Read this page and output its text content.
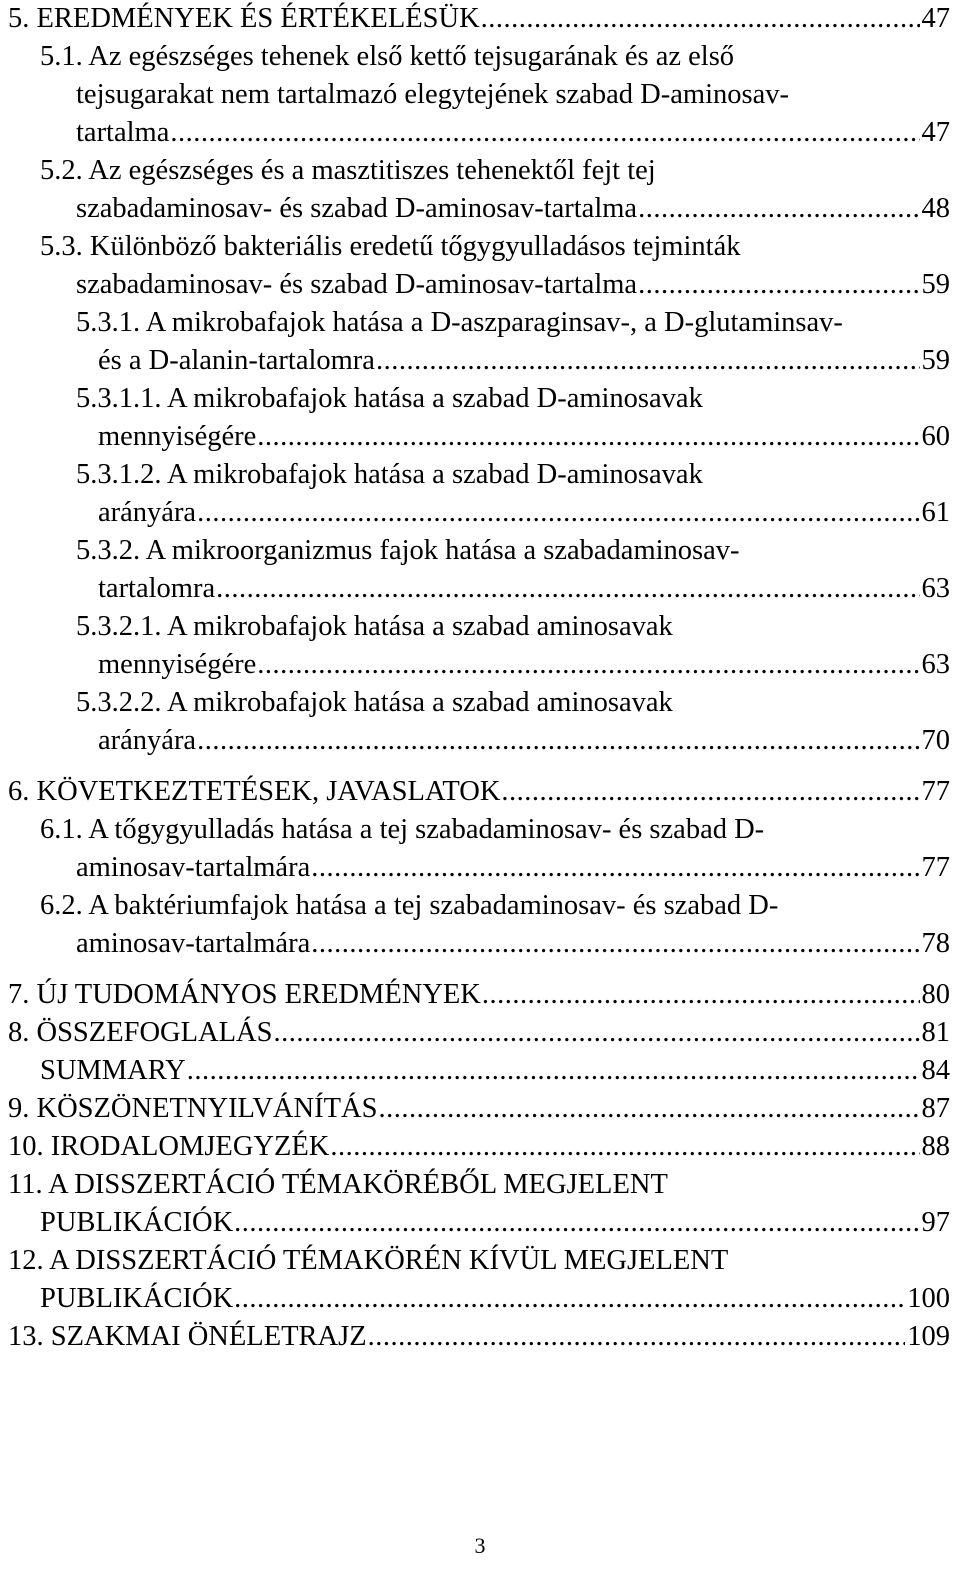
5. EREDMÉNYEK ÉS ÉRTÉKELÉSÜK .....	47
5.1. Az egészséges tehenek első kettő tejsugarának és az első
tejsugarakat nem tartalmazó elegytejének szabad D-aminosav-
tartalma .....	47
5.2. Az egészséges és a masztitiszes tehenektől fejt tej
szabadaminosav- és szabad D-aminosav-tartalma .....	48
5.3. Különböző bakteriális eredetű tőgygyulladásos tejminták
szabadaminosav- és szabad D-aminosav-tartalma .....	59
5.3.1. A mikrobafajok hatása a D-aszparaginsav-, a D-glutaminsav-
és a D-alanin-tartalomra .....	59
5.3.1.1. A mikrobafajok hatása a szabad D-aminosavak
mennyiségére .....	60
5.3.1.2. A mikrobafajok hatása a szabad D-aminosavak
arányára .....	61
5.3.2. A mikroorganizmus fajok hatása a szabadaminosav-
tartalomra .....	63
5.3.2.1. A mikrobafajok hatása a szabad aminosavak
mennyiségére .....	63
5.3.2.2. A mikrobafajok hatása a szabad aminosavak
arányára .....	70
6. KÖVETKEZTETÉSEK, JAVASLATOK .....	77
6.1. A tőgygyulladás hatása a tej szabadaminosav- és szabad D-
aminosav-tartalmára .....	77
6.2. A baktériumfajok hatása a tej szabadaminosav- és szabad D-
aminosav-tartalmára .....	78
7. ÚJ TUDOMÁNYOS EREDMÉNYEK .....	80
8. ÖSSZEFOGLALÁS .....	81
SUMMARY .....	84
9. KÖSZÖNETNYILVÁNÍTÁS .....	87
10. IRODALOMJEGYZÉK .....	88
11. A DISSZERTÁCIÓ TÉMAKÖRÉBŐL MEGJELENT
PUBLIKÁCIÓK .....	97
12. A DISSZERTÁCIÓ TÉMAKÖRÉN KÍVÜL MEGJELENT
PUBLIKÁCIÓK .....	100
13. SZAKMAI ÖNÉLETRAJZ .....	109
3
